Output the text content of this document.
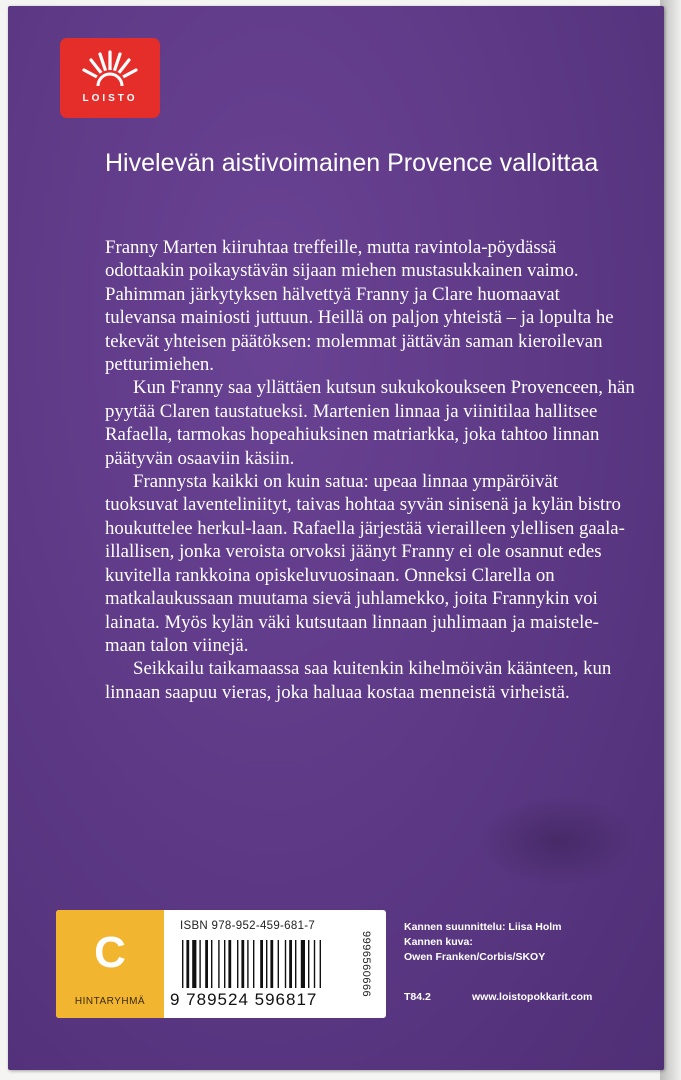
LOISTO
Hivelevän aistivoimainen Provence valloittaa

Franny Marten kiiruhtaa treffeille, mutta ravintola-pöydässä odottaakin poikaystävän sijaan miehen mustasukkainen vaimo. Pahimman järkytyksen hälvettyä Franny ja Clare huomaavat tulevansa mainiosti juttuun. Heillä on paljon yhteistä – ja lopulta he tekevät yhteisen päätöksen: molemmat jättävän saman kieroilevan petturimiehen.

Kun Franny saa yllättäen kutsun sukukokoukseen Provenceen, hän pyytää Claren taustatueksi. Martenien linnaa ja viinitilaa hallitsee Rafaella, tarmokas hopeahiuksinen matriarkka, joka tahtoo linnan päätyvän osaaviin käsiin.

Frannysta kaikki on kuin satua: upeaa linnaa ympäröivät tuoksuvat laventeliniityt, taivas hohtaa syvän sinisenä ja kylän bistro houkuttelee herkul-laan. Rafaella järjestää vierailleen ylellisen gaala-illallisen, jonka veroista orvoksi jäänyt Franny ei ole osannut edes kuvitella rankkoina opiskeluvuosinaan. Onneksi Clarella on matkalaukussaan muutama sievä juhlamekko, joita Frannykin voi lainata. Myös kylän väki kutsutaan linnaan juhlimaan ja maistele-maan talon viinejä.

Seikkailu taikamaassa saa kuitenkin kihelmöivän käänteen, kun linnaan saapuu vieras, joka haluaa kostaa menneistä virheistä.

C
HINTARYHMÄ
ISBN 978-952-459-681-7
9 789524 596817
9996560666
Kannen suunnittelu: Liisa Holm
Kannen kuva:
Owen Franken/Corbis/SKOY
T84.2	www.loistopokkarit.com
